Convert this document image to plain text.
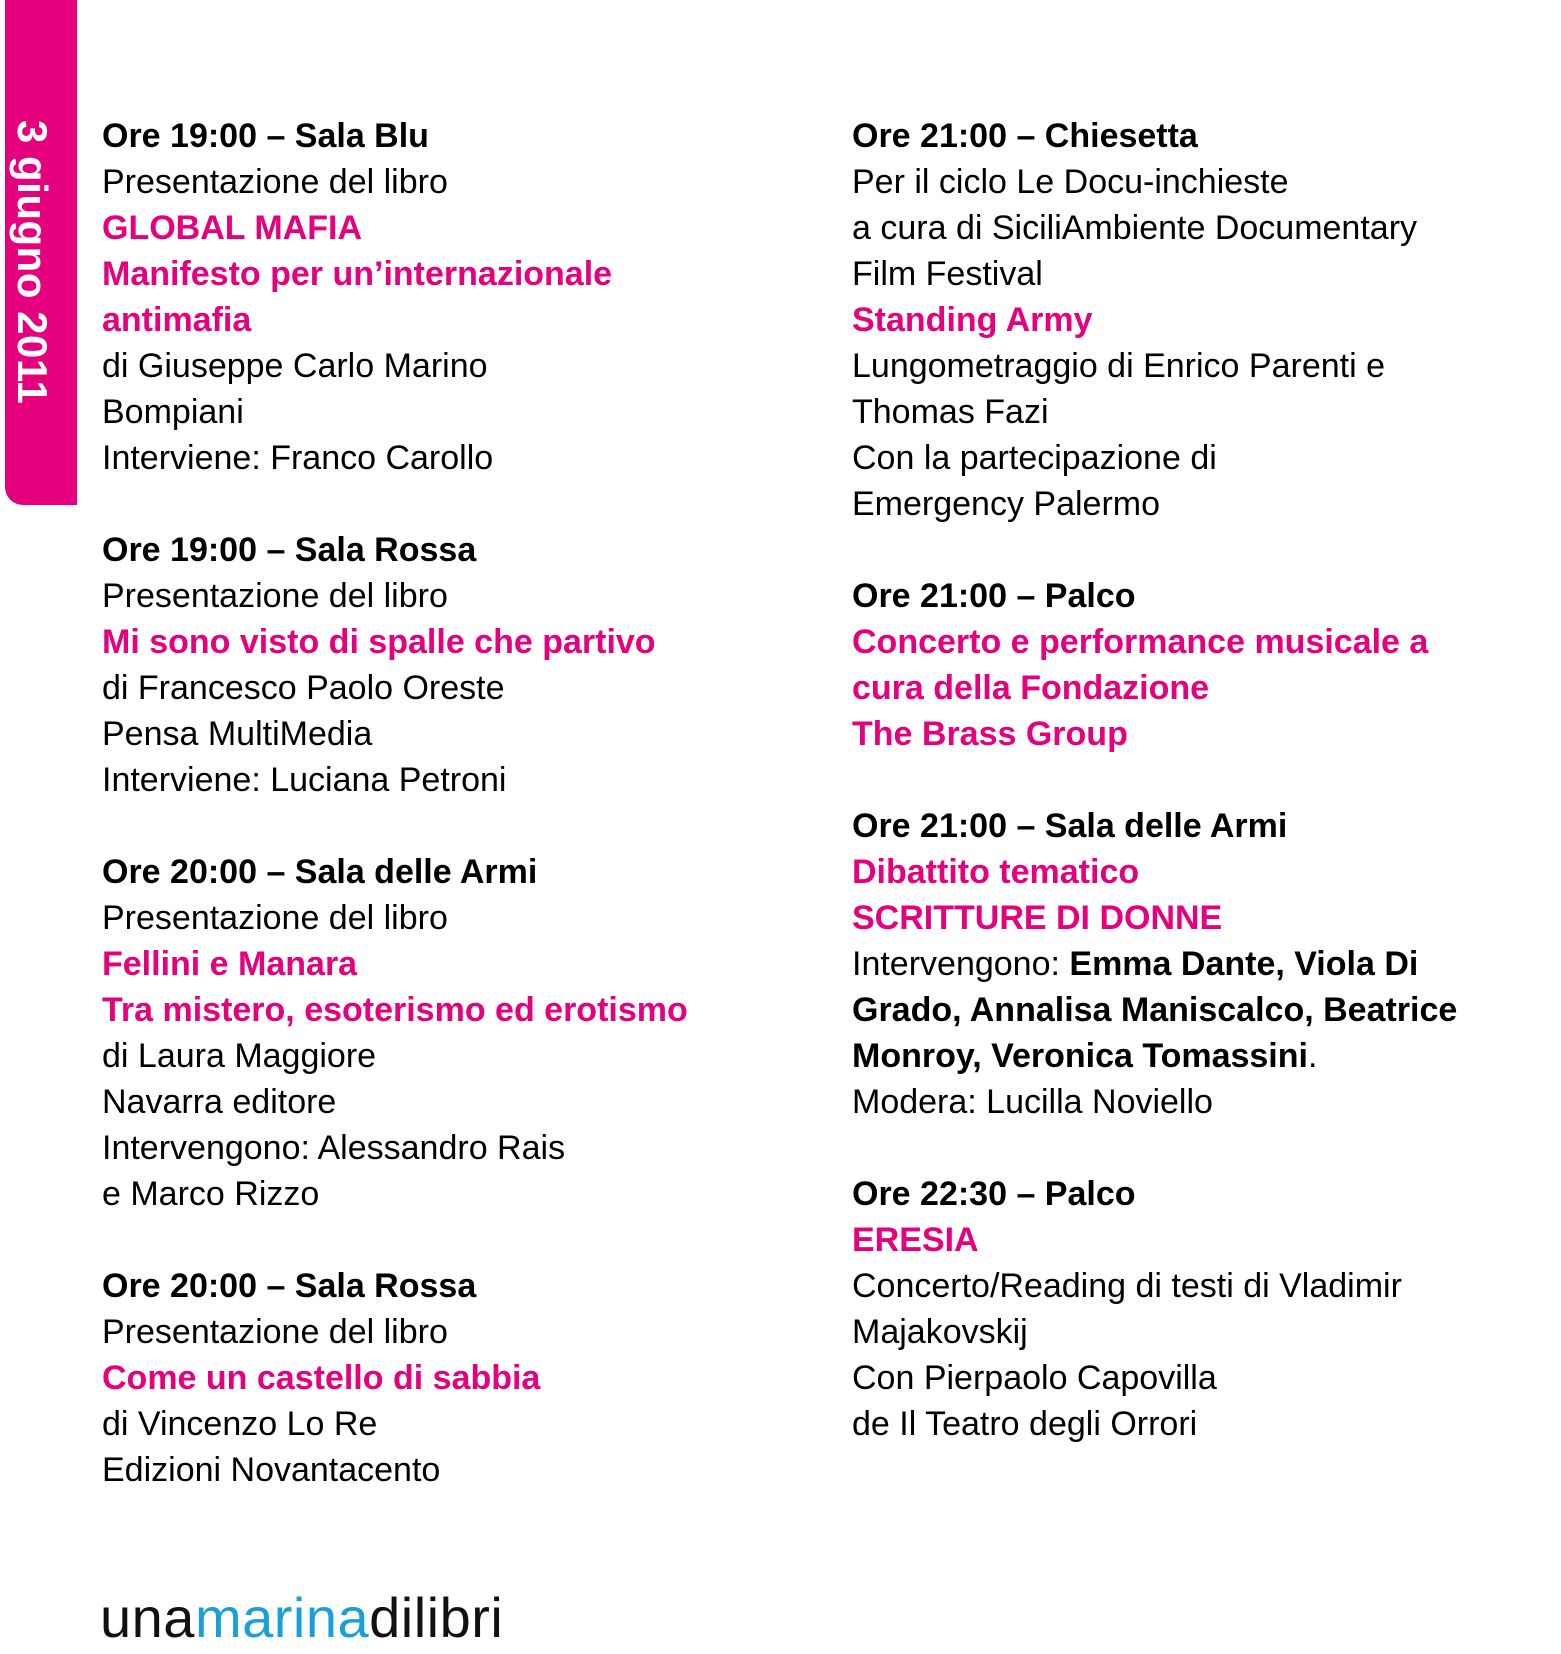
3 giugno 2011 Ore 19:00 – Sala Blu
Presentazione del libro
GLOBAL MAFIA
Manifesto per un’internazionale
antimafia
di Giuseppe Carlo Marino
Bompiani
Interviene: Franco Carollo
Ore 19:00 – Sala Rossa
Presentazione del libro
Mi sono visto di spalle che partivo
di Francesco Paolo Oreste
Pensa MultiMedia
Interviene: Luciana Petroni
Ore 20:00 – Sala delle Armi
Presentazione del libro
Fellini e Manara
Tra mistero, esoterismo ed erotismo
di Laura Maggiore
Navarra editore
Intervengono: Alessandro Rais
e Marco Rizzo
Ore 20:00 – Sala Rossa
Presentazione del libro
Come un castello di sabbia
di Vincenzo Lo Re
Edizioni Novantacento
Ore 21:00 – Chiesetta
Per il ciclo Le Docu-inchieste
a cura di SiciliAmbiente Documentary
Film Festival
Standing Army
Lungometraggio di Enrico Parenti e
Thomas Fazi
Con la partecipazione di
Emergency Palermo
Ore 21:00 – Palco
Concerto e performance musicale a
cura della Fondazione
The Brass Group
Ore 21:00 – Sala delle Armi
Dibattito tematico
SCRITTURE DI DONNE
Intervengono: Emma Dante, Viola Di
Grado, Annalisa Maniscalco, Beatrice
Monroy, Veronica Tomassini.
Modera: Lucilla Noviello
Ore 22:30 – Palco
ERESIA
Concerto/Reading di testi di Vladimir
Majakovskij
Con Pierpaolo Capovilla
de Il Teatro degli Orrori
unamarinadilibri
